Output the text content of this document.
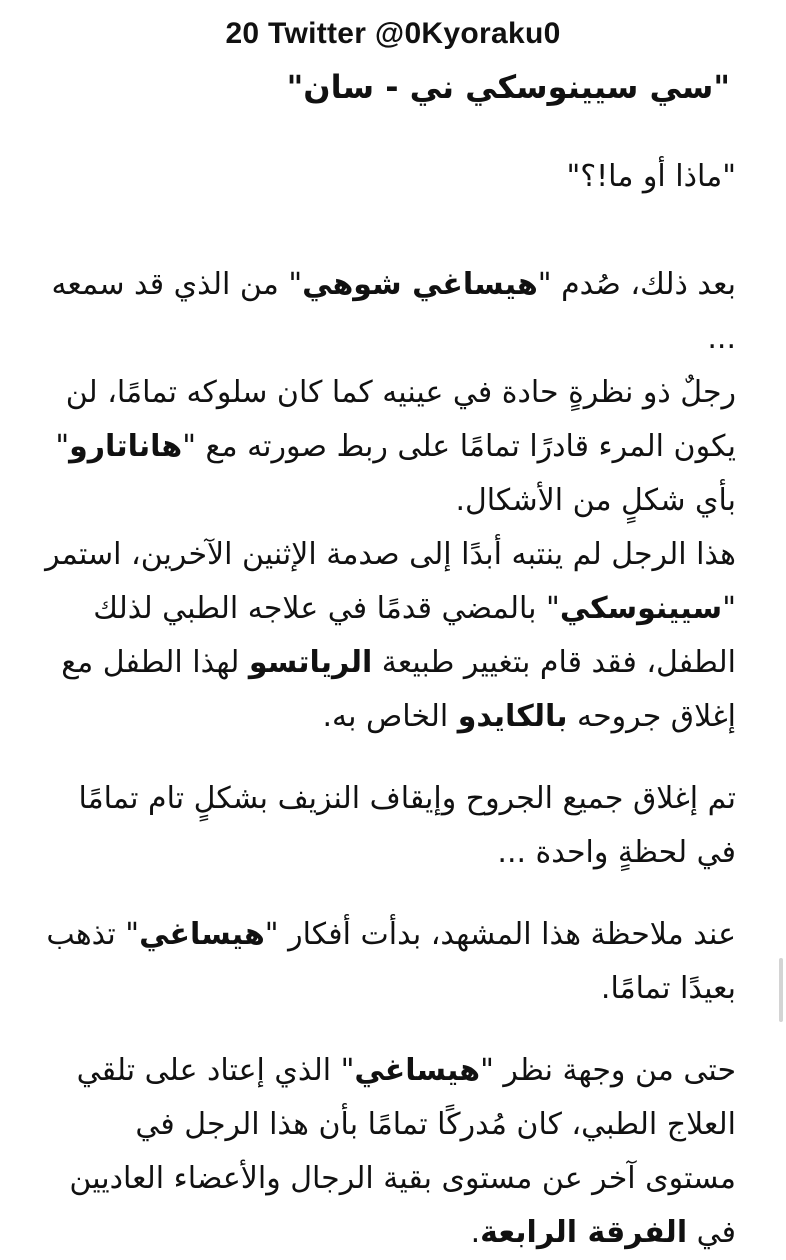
20 Twitter @0Kyoraku0
"سي سيينوسكي ني - سان"

"ماذا أو ما!؟"

بعد ذلك، صُدم "هيساغي شوهي" من الذي قد سمعه ...

رجلٌ ذو نظرةٍ حادة في عينيه كما كان سلوكه تمامًا، لن يكون المرء قادرًا تمامًا على ربط صورته مع "هاناتارو" بأي شكلٍ من الأشكال.

هذا الرجل لم ينتبه أبدًا إلى صدمة الإثنين الآخرين، استمر "سيينوسكي" بالمضي قدمًا في علاجه الطبي لذلك الطفل، فقد قام بتغيير طبيعة الرياتسو لهذا الطفل مع إغلاق جروحه بالكايدو الخاص به.

تم إغلاق جميع الجروح وإيقاف النزيف بشكلٍ تام تمامًا في لحظةٍ واحدة ...

عند ملاحظة هذا المشهد، بدأت أفكار "هيساغي" تذهب بعيدًا تمامًا.

حتى من وجهة نظر "هيساغي" الذي إعتاد على تلقي العلاج الطبي، كان مُدركًا تمامًا بأن هذا الرجل في مستوى آخر عن مستوى بقية الرجال والأعضاء العاديين في الفرقة الرابعة.
